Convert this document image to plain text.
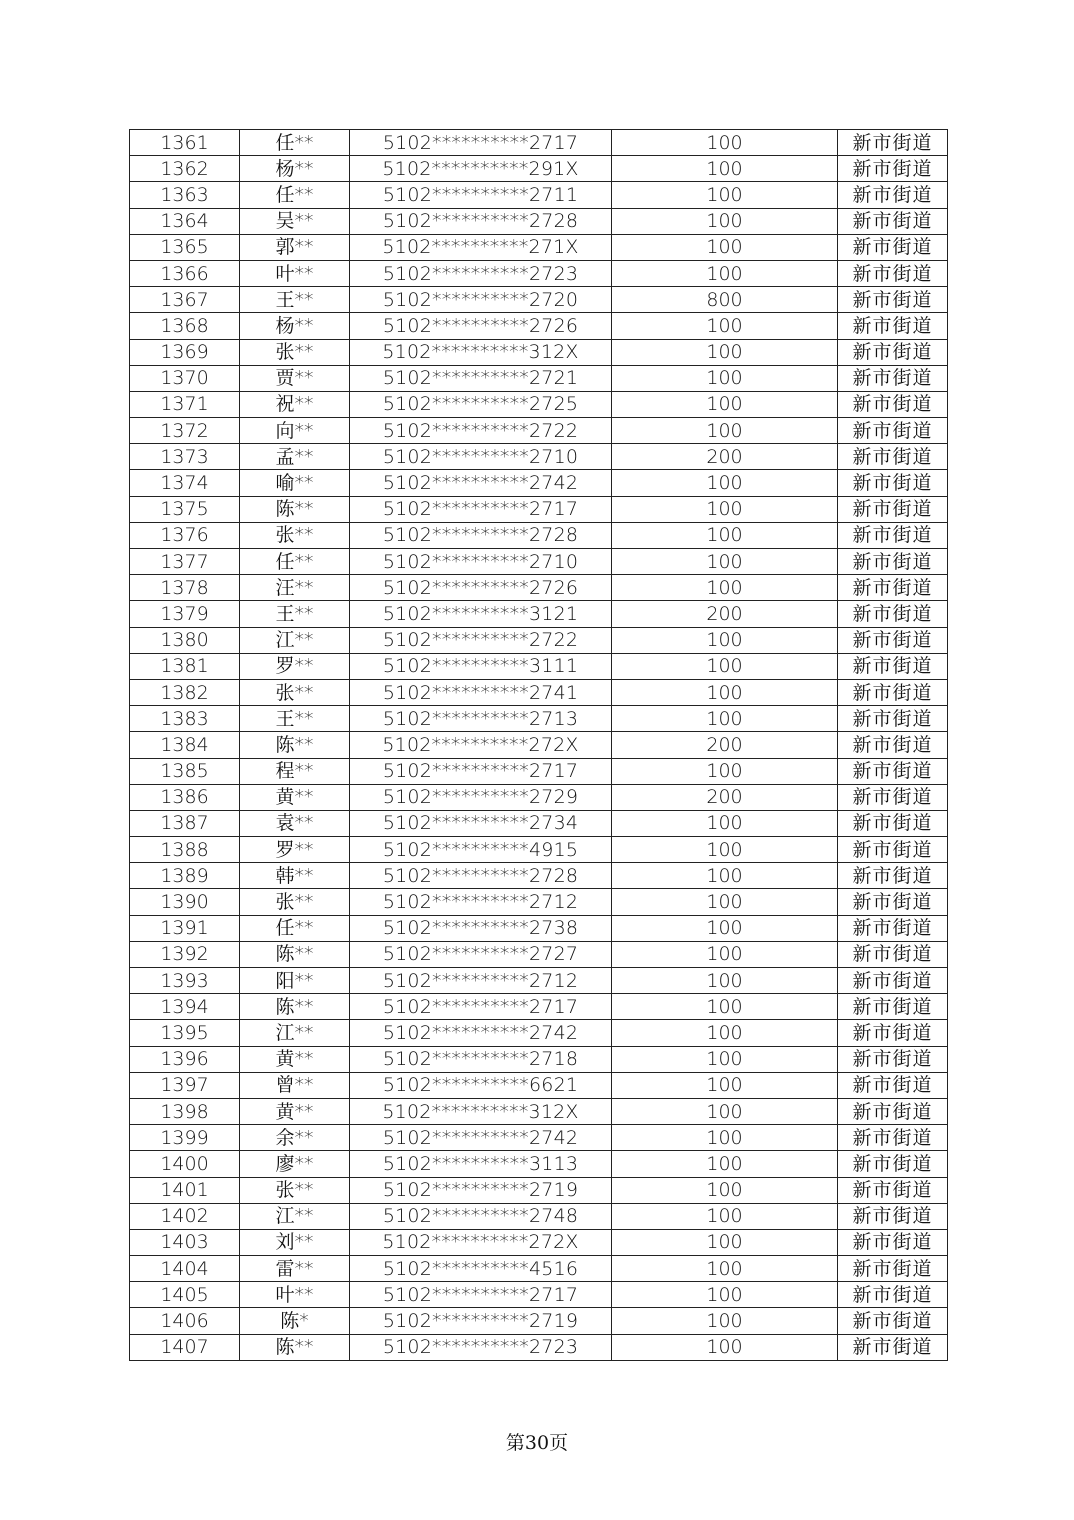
1361	任**	5102**********2717	100	新市街道
1362	杨**	5102**********291X	100	新市街道
1363	任**	5102**********2711	100	新市街道
1364	吴**	5102**********2728	100	新市街道
1365	郭**	5102**********271X	100	新市街道
1366	叶**	5102**********2723	100	新市街道
1367	王**	5102**********2720	800	新市街道
1368	杨**	5102**********2726	100	新市街道
1369	张**	5102**********312X	100	新市街道
1370	贾**	5102**********2721	100	新市街道
1371	祝**	5102**********2725	100	新市街道
1372	向**	5102**********2722	100	新市街道
1373	孟**	5102**********2710	200	新市街道
1374	喻**	5102**********2742	100	新市街道
1375	陈**	5102**********2717	100	新市街道
1376	张**	5102**********2728	100	新市街道
1377	任**	5102**********2710	100	新市街道
1378	汪**	5102**********2726	100	新市街道
1379	王**	5102**********3121	200	新市街道
1380	江**	5102**********2722	100	新市街道
1381	罗**	5102**********3111	100	新市街道
1382	张**	5102**********2741	100	新市街道
1383	王**	5102**********2713	100	新市街道
1384	陈**	5102**********272X	200	新市街道
1385	程**	5102**********2717	100	新市街道
1386	黄**	5102**********2729	200	新市街道
1387	袁**	5102**********2734	100	新市街道
1388	罗**	5102**********4915	100	新市街道
1389	韩**	5102**********2728	100	新市街道
1390	张**	5102**********2712	100	新市街道
1391	任**	5102**********2738	100	新市街道
1392	陈**	5102**********2727	100	新市街道
1393	阳**	5102**********2712	100	新市街道
1394	陈**	5102**********2717	100	新市街道
1395	江**	5102**********2742	100	新市街道
1396	黄**	5102**********2718	100	新市街道
1397	曾**	5102**********6621	100	新市街道
1398	黄**	5102**********312X	100	新市街道
1399	余**	5102**********2742	100	新市街道
1400	廖**	5102**********3113	100	新市街道
1401	张**	5102**********2719	100	新市街道
1402	江**	5102**********2748	100	新市街道
1403	刘**	5102**********272X	100	新市街道
1404	雷**	5102**********4516	100	新市街道
1405	叶**	5102**********2717	100	新市街道
1406	陈*	5102**********2719	100	新市街道
1407	陈**	5102**********2723	100	新市街道
第30页
